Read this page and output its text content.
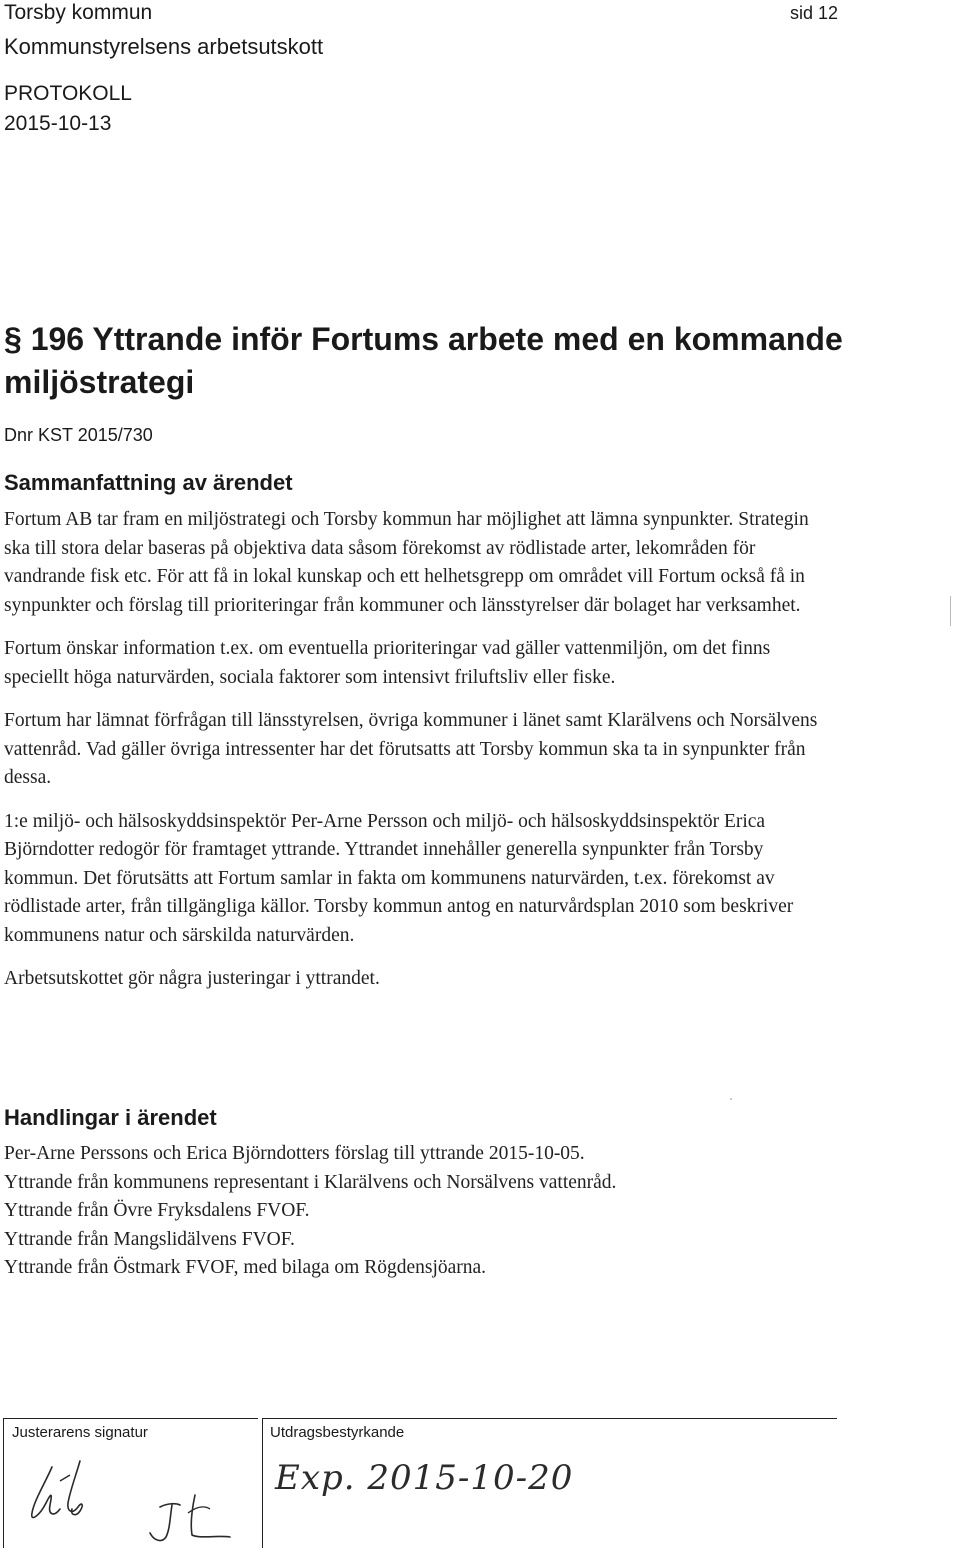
Torsby kommun
Kommunstyrelsens arbetsutskott
PROTOKOLL
2015-10-13
sid 12
§ 196 Yttrande inför Fortums arbete med en kommande miljöstrategi

Dnr KST 2015/730

Sammanfattning av ärendet

Fortum AB tar fram en miljöstrategi och Torsby kommun har möjlighet att lämna synpunkter. Strategin ska till stora delar baseras på objektiva data såsom förekomst av rödlistade arter, lekområden för vandrande fisk etc. För att få in lokal kunskap och ett helhetsgrepp om området vill Fortum också få in synpunkter och förslag till prioriteringar från kommuner och länsstyrelser där bolaget har verksamhet.

Fortum önskar information t.ex. om eventuella prioriteringar vad gäller vattenmiljön, om det finns speciellt höga naturvärden, sociala faktorer som intensivt friluftsliv eller fiske.

Fortum har lämnat förfrågan till länsstyrelsen, övriga kommuner i länet samt Klarälvens och Norsälvens vattenråd. Vad gäller övriga intressenter har det förutsatts att Torsby kommun ska ta in synpunkter från dessa.

1:e miljö- och hälsoskyddsinspektör Per-Arne Persson och miljö- och hälsoskyddsinspektör Erica Björndotter redogör för framtaget yttrande. Yttrandet innehåller generella synpunkter från Torsby kommun. Det förutsätts att Fortum samlar in fakta om kommunens naturvärden, t.ex. förekomst av rödlistade arter, från tillgängliga källor. Torsby kommun antog en naturvårdsplan 2010 som beskriver kommunens natur och särskilda naturvärden.

Arbetsutskottet gör några justeringar i yttrandet.

Handlingar i ärendet
Per-Arne Perssons och Erica Björndotters förslag till yttrande 2015-10-05.
Yttrande från kommunens representant i Klarälvens och Norsälvens vattenråd.
Yttrande från Övre Fryksdalens FVOF.
Yttrande från Mangslidälvens FVOF.
Yttrande från Östmark FVOF, med bilaga om Rögdensjöarna.
Justerarens signatur	Utdragsbestyrkande
Exp. 2015-10-20
